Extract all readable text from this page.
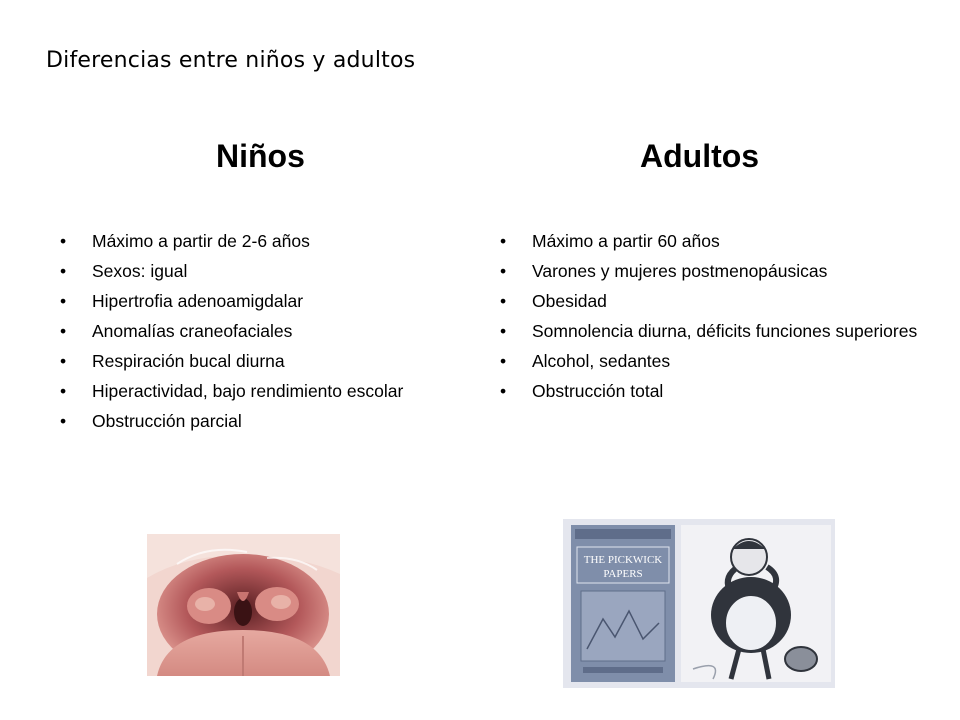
Diferencias entre niños y adultos
Niños	Adultos
• Máximo a partir de 2-6 años
• Sexos: igual
• Hipertrofia adenoamigdalar
• Anomalías craneofaciales
• Respiración bucal diurna
• Hiperactividad, bajo rendimiento escolar
• Obstrucción parcial
• Máximo a partir 60 años
• Varones y mujeres postmenopáusicas
• Obesidad
• Somnolencia diurna, déficits funciones superiores
• Alcohol, sedantes
• Obstrucción total
THE PICKWICK
PAPERS
